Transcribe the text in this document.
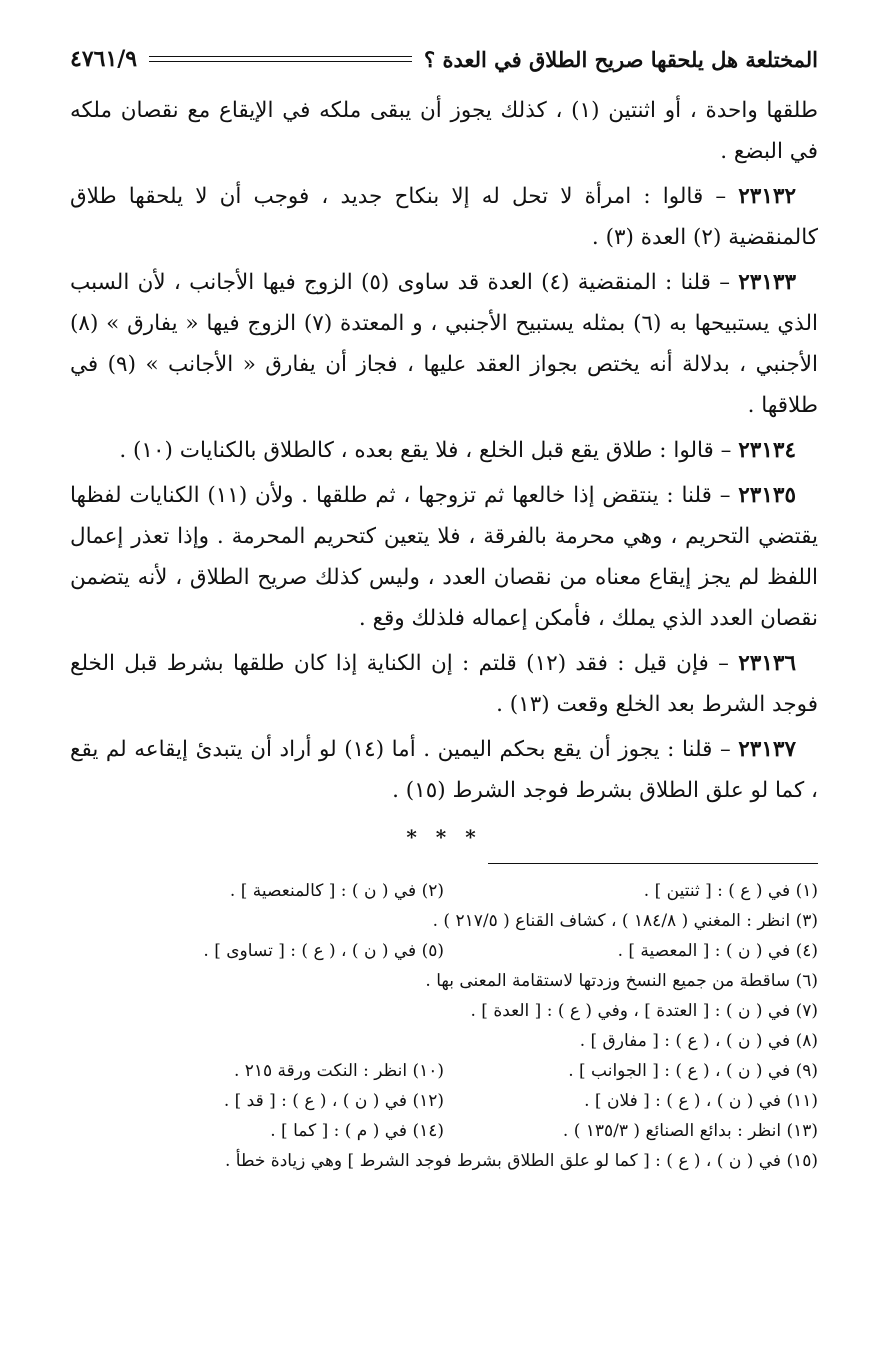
المختلعة هل يلحقها صريح الطلاق في العدة ؟
٤٧٦١/٩

طلقها واحدة ، أو اثنتين (١) ، كذلك يجوز أن يبقى ملكه في الإيقاع مع نقصان ملكه في البضع .

٢٣١٣٢ – قالوا : امرأة لا تحل له إلا بنكاح جديد ، فوجب أن لا يلحقها طلاق كالمنقضية (٢) العدة (٣) .

٢٣١٣٣ – قلنا : المنقضية (٤) العدة قد ساوى (٥) الزوج فيها الأجانب ، لأن السبب الذي يستبيحها به (٦) بمثله يستبيح الأجنبي ، و المعتدة (٧) الزوج فيها « يفارق » (٨) الأجنبي ، بدلالة أنه يختص بجواز العقد عليها ، فجاز أن يفارق « الأجانب » (٩) في طلاقها .

٢٣١٣٤ – قالوا : طلاق يقع قبل الخلع ، فلا يقع بعده ، كالطلاق بالكنايات (١٠) .

٢٣١٣٥ – قلنا : ينتقض إذا خالعها ثم تزوجها ، ثم طلقها . ولأن (١١) الكنايات لفظها يقتضي التحريم ، وهي محرمة بالفرقة ، فلا يتعين كتحريم المحرمة . وإذا تعذر إعمال اللفظ لم يجز إيقاع معناه من نقصان العدد ، وليس كذلك صريح الطلاق ، لأنه يتضمن نقصان العدد الذي يملك ، فأمكن إعماله فلذلك وقع .

٢٣١٣٦ – فإن قيل : فقد (١٢) قلتم : إن الكناية إذا كان طلقها بشرط قبل الخلع فوجد الشرط بعد الخلع وقعت (١٣) .

٢٣١٣٧ – قلنا : يجوز أن يقع بحكم اليمين . أما (١٤) لو أراد أن يتبدئ إيقاعه لم يقع ، كما لو علق الطلاق بشرط فوجد الشرط (١٥) .

* * *
(١) في ( ع ) : [ ثنتين ] .
(٢) في ( ن ) : [ كالمنعصية ] .
(٣) انظر : المغني ( ١٨٤/٨ ) ، كشاف القناع ( ٢١٧/٥ ) .
(٤) في ( ن ) : [ المعصية ] .
(٥) في ( ن ) ، ( ع ) : [ تساوى ] .
(٦) ساقطة من جميع النسخ وزدتها لاستقامة المعنى بها .
(٧) في ( ن ) : [ العتدة ] ، وفي ( ع ) : [ العدة ] .
(٨) في ( ن ) ، ( ع ) : [ مفارق ] .
(٩) في ( ن ) ، ( ع ) : [ الجوانب ] .
(١٠) انظر : النكت ورقة ٢١٥ .
(١١) في ( ن ) ، ( ع ) : [ فلان ] .
(١٢) في ( ن ) ، ( ع ) : [ قد ] .
(١٣) انظر : بدائع الصنائع ( ١٣٥/٣ ) .
(١٤) في ( م ) : [ كما ] .
(١٥) في ( ن ) ، ( ع ) : [ كما لو علق الطلاق بشرط فوجد الشرط ] وهي زيادة خطأ .
